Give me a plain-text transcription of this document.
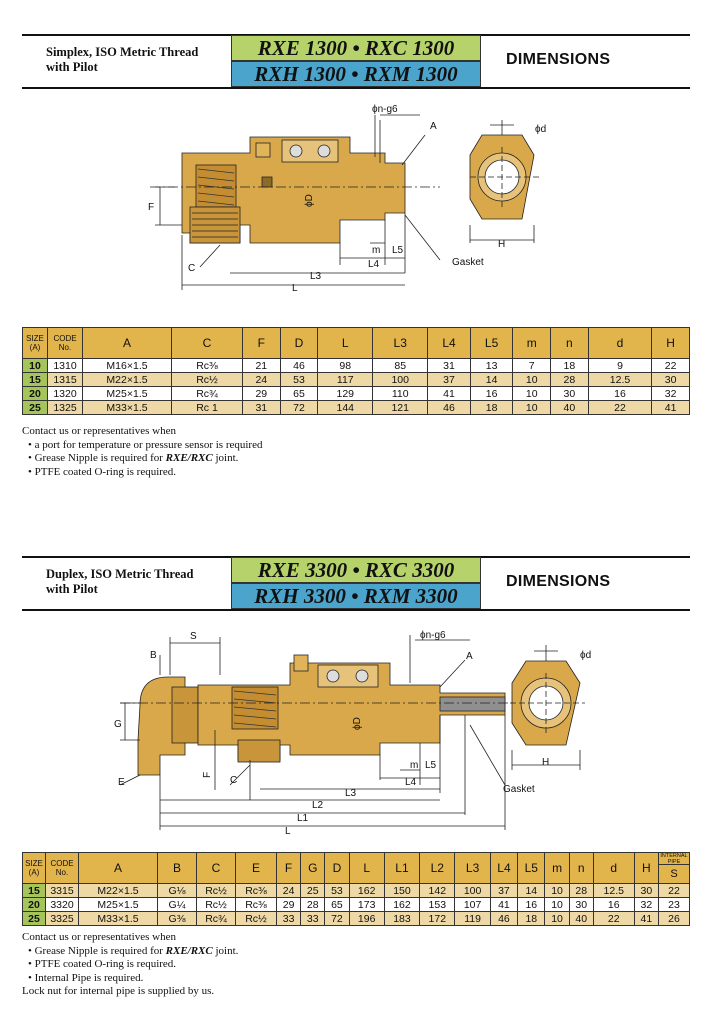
Simplex, ISO Metric Thread
with Pilot
RXE 1300 • RXC 1300
RXH 1300 • RXM 1300
DIMENSIONS
ϕn-g6
A	ϕd
ϕD
F
C
m L5
L4
L3
L
H
Gasket
SIZE (A)	CODE No.	A	C	F	D	L	L3	L4	L5	m	n	d	H
10	1310	M16×1.5	Rc⅜	21	46	98	85	31	13	7	18	9	22
15	1315	M22×1.5	Rc½	24	53	117	100	37	14	10	28	12.5	30
20	1320	M25×1.5	Rc¾	29	65	129	110	41	16	10	30	16	32
25	1325	M33×1.5	Rc 1	31	72	144	121	46	18	10	40	22	41
Contact us or representatives when
• a port for temperature or pressure sensor is required
• Grease Nipple is required for RXE/RXC joint.
• PTFE coated O-ring is required.
Duplex, ISO Metric Thread
with Pilot
RXE 3300 • RXC 3300
RXH 3300 • RXM 3300
DIMENSIONS
B
S	ϕn-g6
A	ϕd
G	ϕD
F
C
E
m L5
L4
L3
L2
L1
L
H
Gasket
SIZE (A)	CODE No.	A	B	C	E	F	G	D	L	L1	L2	L3	L4	L5	m	n	d	H	INTERNAL PIPE
S

15	3315	M22×1.5	G⅛	Rc½	Rc⅜	24	25	53	162	150	142	100	37	14	10	28	12.5	30	22
20	3320	M25×1.5	G¼	Rc½	Rc⅜	29	28	65	173	162	153	107	41	16	10	30	16	32	23
25	3325	M33×1.5	G⅜	Rc¾	Rc½	33	33	72	196	183	172	119	46	18	10	40	22	41	26
Contact us or representatives when
• Grease Nipple is required for RXE/RXC joint.
• PTFE coated O-ring is required.
• Internal Pipe is required.
Lock nut for internal pipe is supplied by us.
